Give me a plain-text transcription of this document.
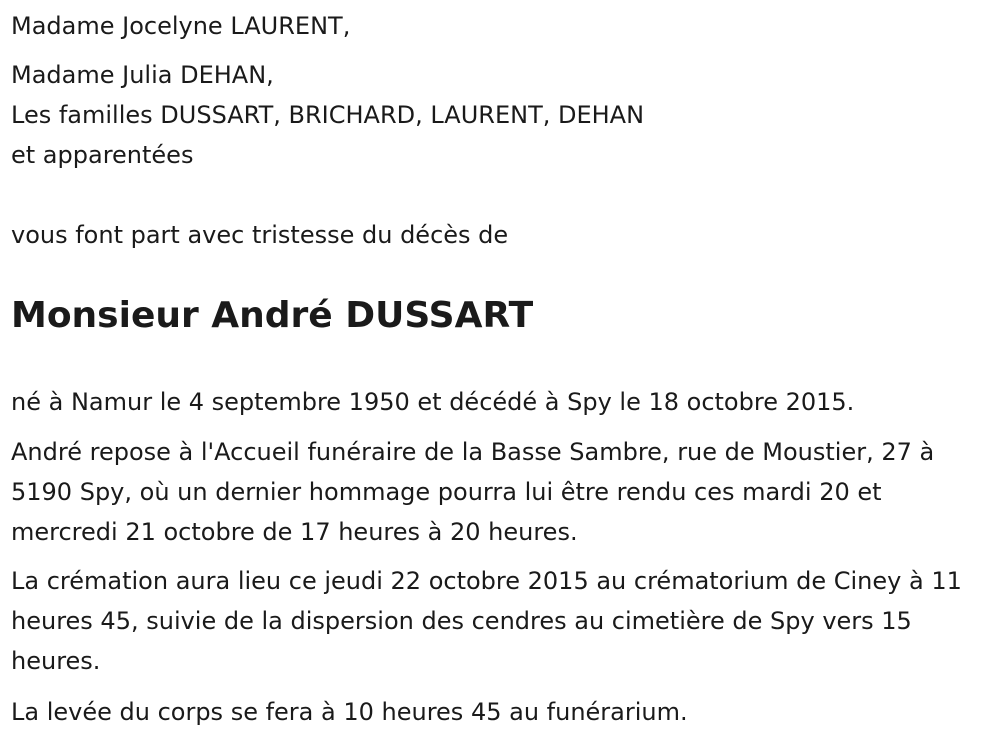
Madame Jocelyne LAURENT,
Madame Julia DEHAN,
Les familles DUSSART, BRICHARD, LAURENT, DEHAN
et apparentées
vous font part avec tristesse du décès de
Monsieur André DUSSART
né à Namur le 4 septembre 1950 et décédé à Spy le 18 octobre 2015.
André repose à l'Accueil funéraire de la Basse Sambre, rue de Moustier, 27 à 5190 Spy, où un dernier hommage pourra lui être rendu ces mardi 20 et mercredi 21 octobre de 17 heures à 20 heures.
La crémation aura lieu ce jeudi 22 octobre 2015 au crématorium de Ciney à 11 heures 45, suivie de la dispersion des cendres au cimetière de Spy vers 15 heures.
La levée du corps se fera à 10 heures 45 au funérarium.
